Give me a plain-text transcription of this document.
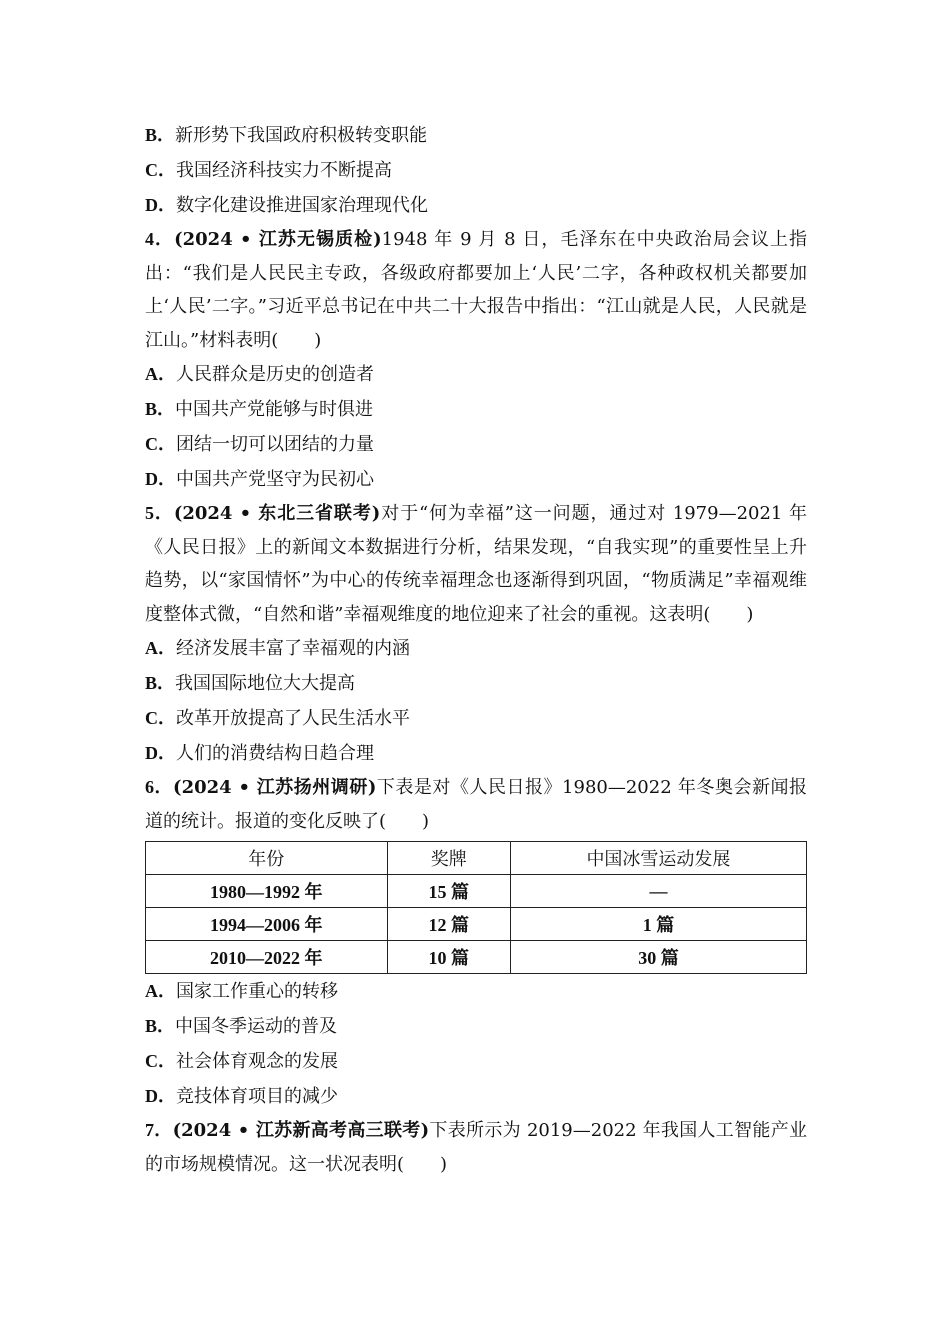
B．新形势下我国政府积极转变职能
C．我国经济科技实力不断提高
D．数字化建设推进国家治理现代化
4．(2024 • 江苏无锡质检)1948 年 9 月 8 日，毛泽东在中央政治局会议上指出：“我们是人民民主专政，各级政府都要加上‘人民’二字，各种政权机关都要加上‘人民’二字。”习近平总书记在中共二十大报告中指出：“江山就是人民，人民就是江山。”材料表明(　　)
A．人民群众是历史的创造者
B．中国共产党能够与时俱进
C．团结一切可以团结的力量
D．中国共产党坚守为民初心
5．(2024 • 东北三省联考)对于“何为幸福”这一问题，通过对 1979—2021 年《人民日报》上的新闻文本数据进行分析，结果发现，“自我实现”的重要性呈上升趋势，以“家国情怀”为中心的传统幸福理念也逐渐得到巩固，“物质满足”幸福观维度整体式微，“自然和谐”幸福观维度的地位迎来了社会的重视。这表明(　　)
A．经济发展丰富了幸福观的内涵
B．我国国际地位大大提高
C．改革开放提高了人民生活水平
D．人们的消费结构日趋合理
6．(2024 • 江苏扬州调研)下表是对《人民日报》1980—2022 年冬奥会新闻报道的统计。报道的变化反映了(　　)
年份	奖牌	中国冰雪运动发展
1980—1992 年	15 篇	—
1994—2006 年	12 篇	1 篇
2010—2022 年	10 篇	30 篇
A．国家工作重心的转移
B．中国冬季运动的普及
C．社会体育观念的发展
D．竞技体育项目的减少
7．(2024 • 江苏新高考高三联考)下表所示为 2019—2022 年我国人工智能产业的市场规模情况。这一状况表明(　　)
